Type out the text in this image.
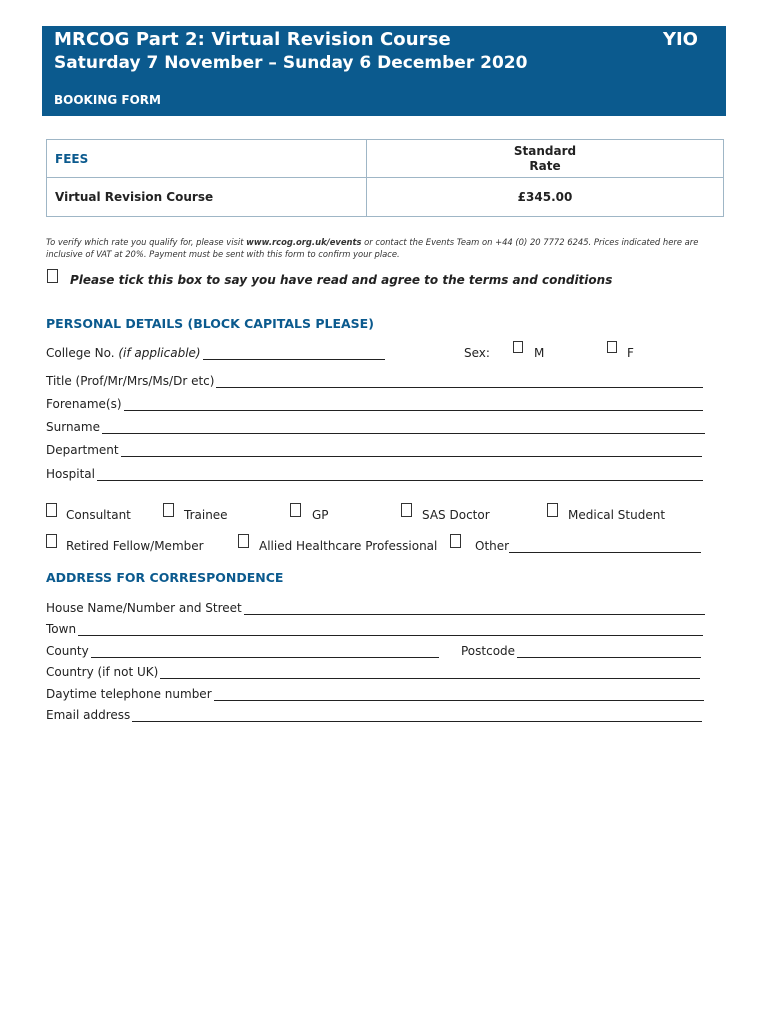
MRCOG Part 2: Virtual Revision Course
Saturday 7 November – Sunday 6 December 2020
YIO
BOOKING FORM
FEES	Standard
Rate
Virtual Revision Course	£345.00
To verify which rate you qualify for, please visit www.rcog.org.uk/events or contact the Events Team on +44 (0) 20 7772 6245. Prices indicated here are inclusive of VAT at 20%. Payment must be sent with this form to confirm your place.
Please tick this box to say you have read and agree to the terms and conditions
PERSONAL DETAILS (BLOCK CAPITALS PLEASE)
College No. (if applicable)	Sex:	M	F
Title (Prof/Mr/Mrs/Ms/Dr etc)
Forename(s)
Surname
Department
Hospital
Consultant	Trainee	GP	SAS Doctor	Medical Student
Retired Fellow/Member	Allied Healthcare Professional	Other
ADDRESS FOR CORRESPONDENCE
House Name/Number and Street
Town
County	Postcode
Country (if not UK)
Daytime telephone number
Email address
